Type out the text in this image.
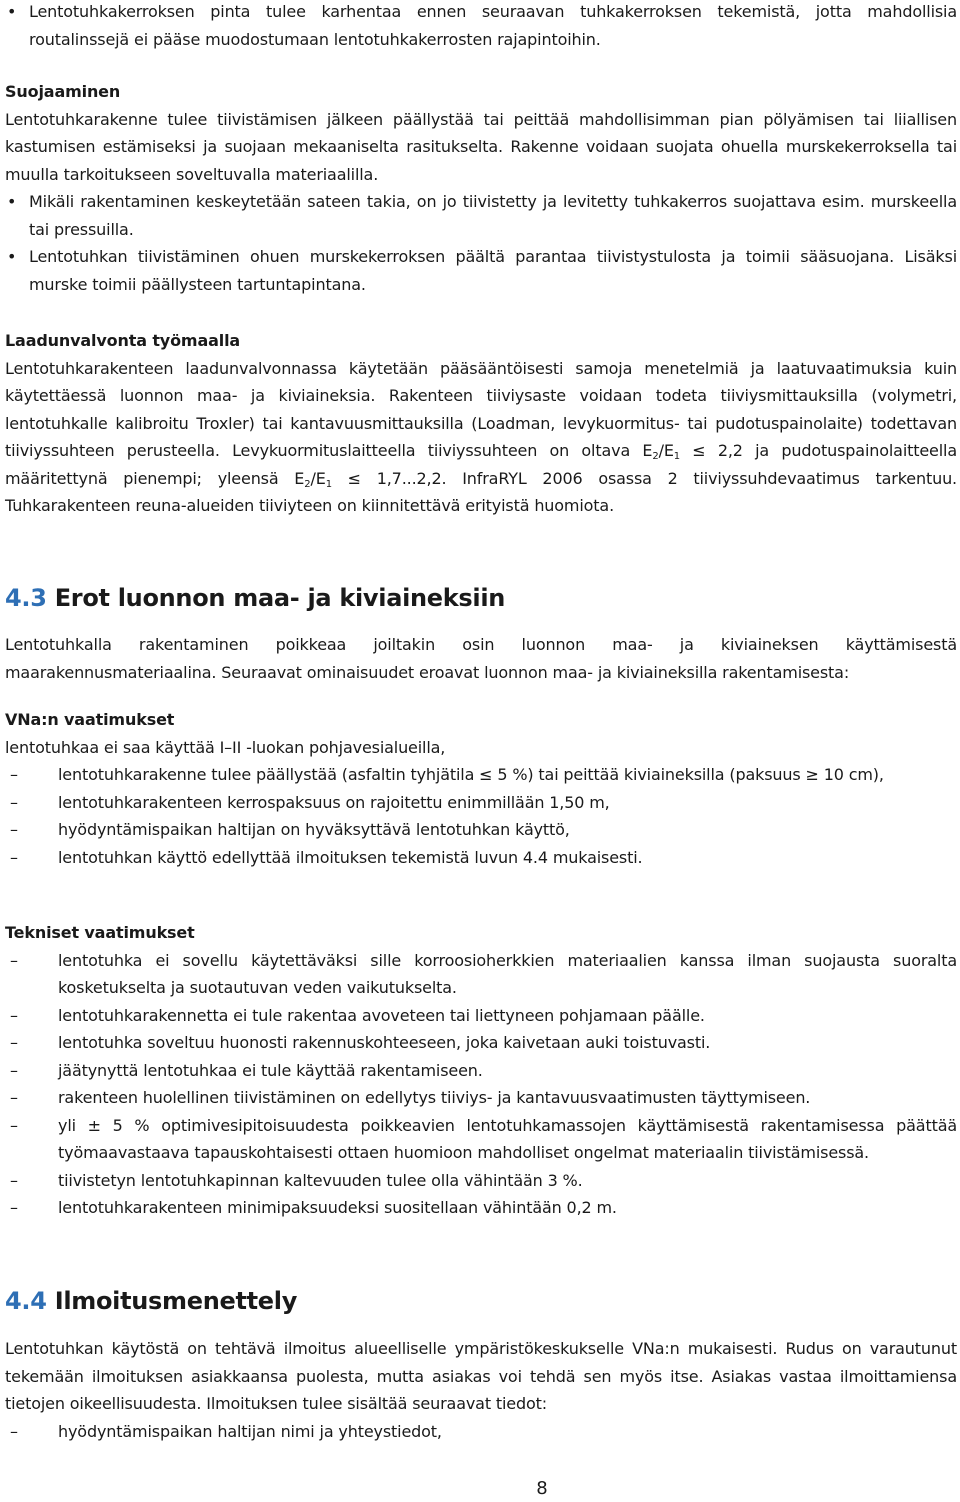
• Lentotuhkakerroksen pinta tulee karhentaa ennen seuraavan tuhkakerroksen tekemistä, jotta mahdollisia routalinssejä ei pääse muodostumaan lentotuhkakerrosten rajapintoihin.

Suojaaminen

Lentotuhkarakenne tulee tiivistämisen jälkeen päällystää tai peittää mahdollisimman pian pölyämisen tai liiallisen kastumisen estämiseksi ja suojaan mekaaniselta rasitukselta. Rakenne voidaan suojata ohuella murskekerroksella tai muulla tarkoitukseen soveltuvalla materiaalilla.

• Mikäli rakentaminen keskeytetään sateen takia, on jo tiivistetty ja levitetty tuhkakerros suojattava esim. murskeella tai pressuilla.

• Lentotuhkan tiivistäminen ohuen murskekerroksen päältä parantaa tiivistystulosta ja toimii sääsuojana. Lisäksi murske toimii päällysteen tartuntapintana.

Laadunvalvonta työmaalla

Lentotuhkarakenteen laadunvalvonnassa käytetään pääsääntöisesti samoja menetelmiä ja laatuvaatimuksia kuin käytettäessä luonnon maa- ja kiviaineksia. Rakenteen tiiviysaste voidaan todeta tiiviysmittauksilla (volymetri, lentotuhkalle kalibroitu Troxler) tai kantavuusmittauksilla (Loadman, levykuormitus- tai pudotuspainolaite) todettavan tiiviyssuhteen perusteella. Levykuormituslaitteella tiiviyssuhteen on oltava $E_2/E_1 \le 2,2$ ja pudotuspainolaitteella määritettynä pienempi; yleensä $E_2/E_1 \le 1,7...2,2$. InfraRYL 2006 osassa 2 tiiviyssuhdevaatimus tarkentuu. Tuhkarakenteen reuna-alueiden tiiviyteen on kiinnitettävä erityistä huomiota.

4.3 Erot luonnon maa- ja kiviaineksiin

Lentotuhkalla rakentaminen poikkeaa joiltakin osin luonnon maa- ja kiviaineksen käyttämisestä maarakennusmateriaalina. Seuraavat ominaisuudet eroavat luonnon maa- ja kiviaineksilla rakentamisesta:

VNa:n vaatimukset

lentotuhkaa ei saa käyttää I–II -luokan pohjavesialueilla,

– lentotuhkarakenne tulee päällystää (asfaltin tyhjätila ≤ 5 %) tai peittää kiviaineksilla (paksuus ≥ 10 cm),

– lentotuhkarakenteen kerrospaksuus on rajoitettu enimmillään 1,50 m,

– hyödyntämispaikan haltijan on hyväksyttävä lentotuhkan käyttö,

– lentotuhkan käyttö edellyttää ilmoituksen tekemistä luvun 4.4 mukaisesti.

Tekniset vaatimukset

– lentotuhka ei sovellu käytettäväksi sille korroosioherkkien materiaalien kanssa ilman suojausta suoralta kosketukselta ja suotautuvan veden vaikutukselta.

– lentotuhkarakennetta ei tule rakentaa avoveteen tai liettyneen pohjamaan päälle.

– lentotuhka soveltuu huonosti rakennuskohteeseen, joka kaivetaan auki toistuvasti.

– jäätynyttä lentotuhkaa ei tule käyttää rakentamiseen.

– rakenteen huolellinen tiivistäminen on edellytys tiiviys- ja kantavuusvaatimusten täyttymiseen.

– yli ± 5 % optimivesipitoisuudesta poikkeavien lentotuhkamassojen käyttämisestä rakentamisessa päättää työmaavastaava tapauskohtaisesti ottaen huomioon mahdolliset ongelmat materiaalin tiivistämisessä.

– tiivistetyn lentotuhkapinnan kaltevuuden tulee olla vähintään 3 %.

– lentotuhkarakenteen minimipaksuudeksi suositellaan vähintään 0,2 m.

4.4 Ilmoitusmenettely

Lentotuhkan käytöstä on tehtävä ilmoitus alueelliselle ympäristökeskukselle VNa:n mukaisesti. Rudus on varautunut tekemään ilmoituksen asiakkaansa puolesta, mutta asiakas voi tehdä sen myös itse. Asiakas vastaa ilmoittamiensa tietojen oikeellisuudesta. Ilmoituksen tulee sisältää seuraavat tiedot:

– hyödyntämispaikan haltijan nimi ja yhteystiedot,

8
